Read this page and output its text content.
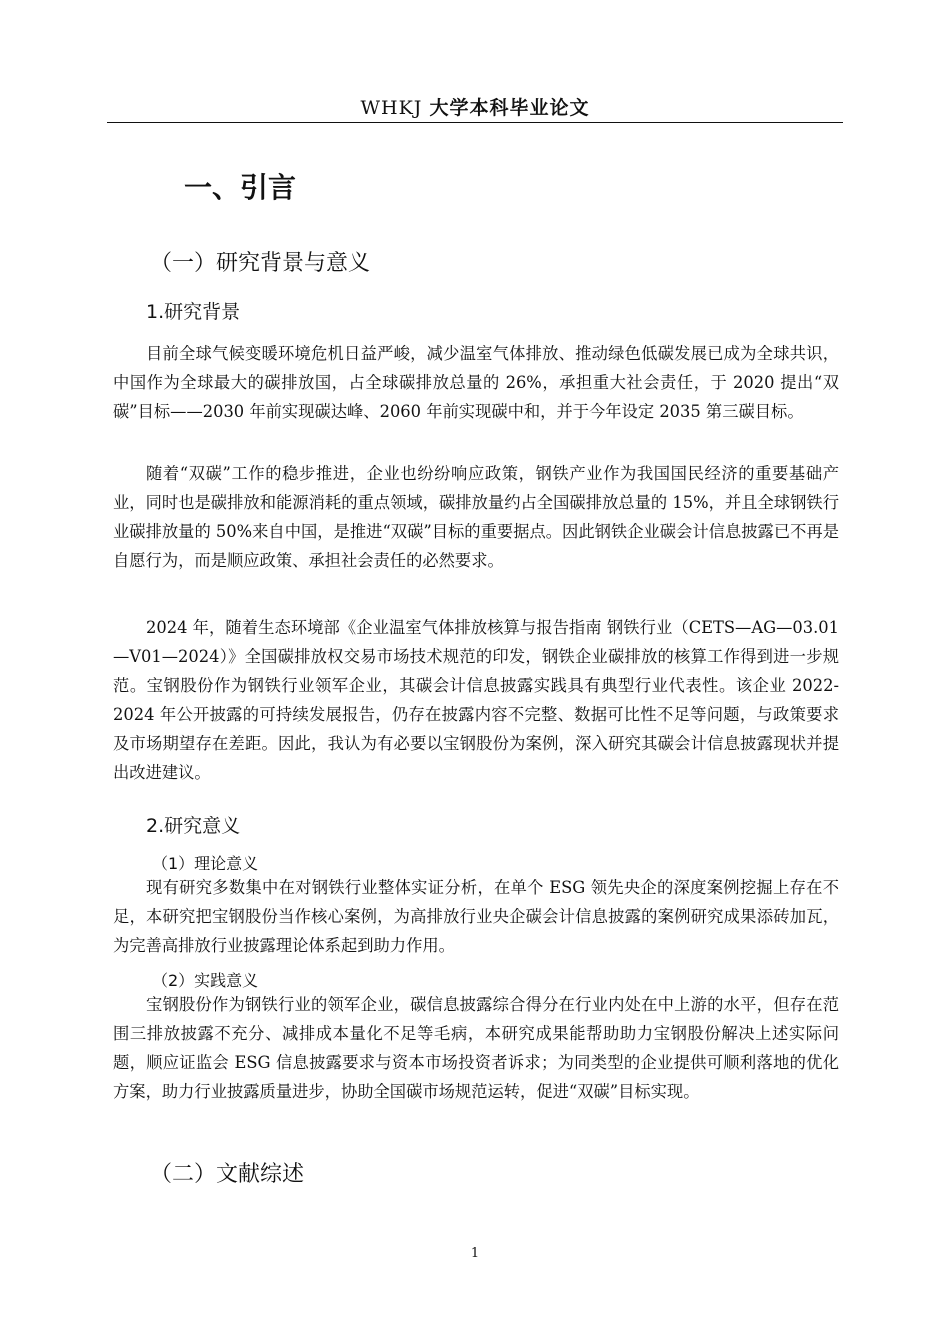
WHKJ 大学本科毕业论文
一、引言
（一）研究背景与意义
1.研究背景

目前全球气候变暖环境危机日益严峻，减少温室气体排放、推动绿色低碳发展已成为全球共识，中国作为全球最大的碳排放国，占全球碳排放总量的 26%，承担重大社会责任，于 2020 提出“双碳”目标——2030 年前实现碳达峰、2060 年前实现碳中和，并于今年设定 2035 第三碳目标。

随着“双碳”工作的稳步推进，企业也纷纷响应政策，钢铁产业作为我国国民经济的重要基础产业，同时也是碳排放和能源消耗的重点领域，碳排放量约占全国碳排放总量的 15%，并且全球钢铁行业碳排放量的 50%来自中国，是推进“双碳”目标的重要据点。因此钢铁企业碳会计信息披露已不再是自愿行为，而是顺应政策、承担社会责任的必然要求。

2024 年，随着生态环境部《企业温室气体排放核算与报告指南 钢铁行业（CETS—AG—03.01—V01—2024）》全国碳排放权交易市场技术规范的印发，钢铁企业碳排放的核算工作得到进一步规范。宝钢股份作为钢铁行业领军企业，其碳会计信息披露实践具有典型行业代表性。该企业 2022-2024 年公开披露的可持续发展报告，仍存在披露内容不完整、数据可比性不足等问题，与政策要求及市场期望存在差距。因此，我认为有必要以宝钢股份为案例，深入研究其碳会计信息披露现状并提出改进建议。

2.研究意义
（1）理论意义

现有研究多数集中在对钢铁行业整体实证分析，在单个 ESG 领先央企的深度案例挖掘上存在不足，本研究把宝钢股份当作核心案例，为高排放行业央企碳会计信息披露的案例研究成果添砖加瓦，为完善高排放行业披露理论体系起到助力作用。

（2）实践意义

宝钢股份作为钢铁行业的领军企业，碳信息披露综合得分在行业内处在中上游的水平，但存在范围三排放披露不充分、减排成本量化不足等毛病，本研究成果能帮助助力宝钢股份解决上述实际问题，顺应证监会 ESG 信息披露要求与资本市场投资者诉求；为同类型的企业提供可顺利落地的优化方案，助力行业披露质量进步，协助全国碳市场规范运转，促进“双碳”目标实现。

（二）文献综述
1
